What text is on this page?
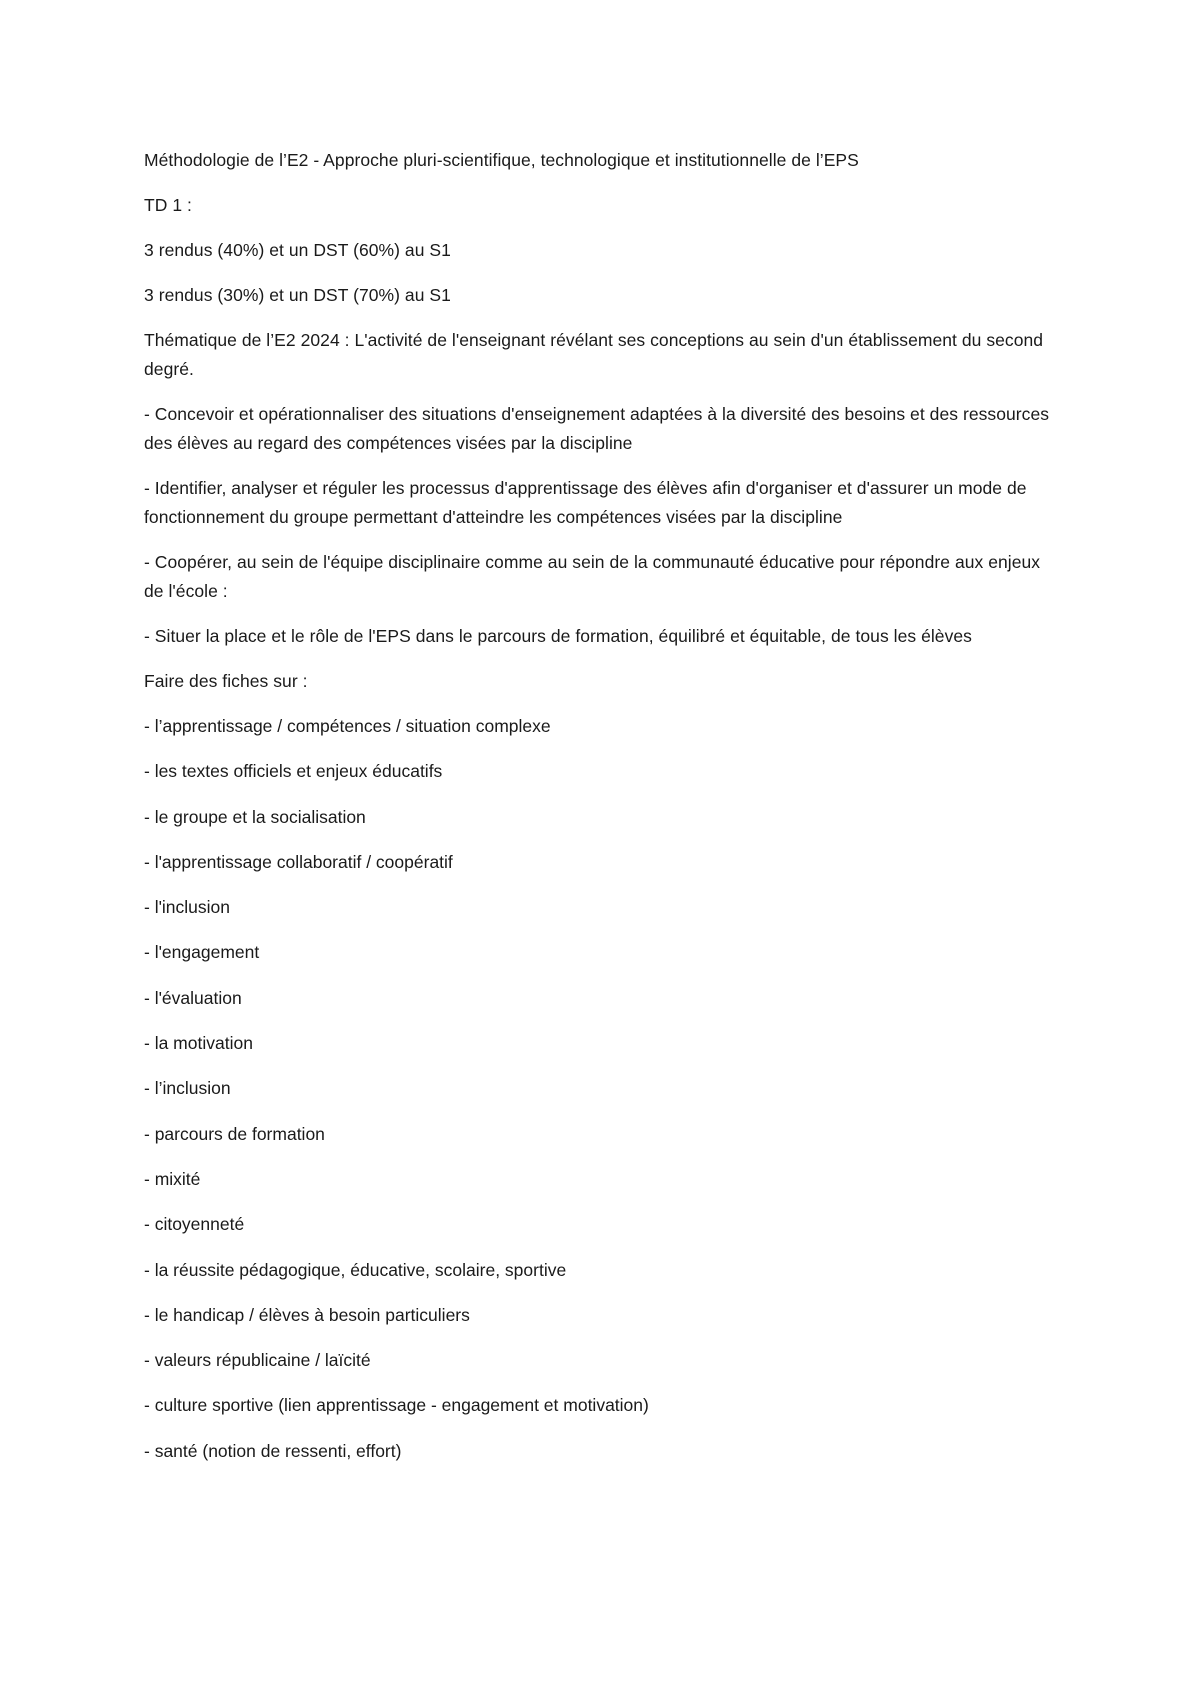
Méthodologie de l’E2 - Approche pluri-scientifique, technologique et institutionnelle de l’EPS

TD 1 :

3 rendus (40%) et un DST (60%) au S1

3 rendus (30%) et un DST (70%) au S1

Thématique de l’E2 2024 : L'activité de l'enseignant révélant ses conceptions au sein d'un établissement du second degré.

- Concevoir et opérationnaliser des situations d'enseignement adaptées à la diversité des besoins et des ressources des élèves au regard des compétences visées par la discipline

- Identifier, analyser et réguler les processus d'apprentissage des élèves afin d'organiser et d'assurer un mode de fonctionnement du groupe permettant d'atteindre les compétences visées par la discipline

- Coopérer, au sein de l'équipe disciplinaire comme au sein de la communauté éducative pour répondre aux enjeux de l'école :

- Situer la place et le rôle de l'EPS dans le parcours de formation, équilibré et équitable, de tous les élèves

Faire des fiches sur :

- l’apprentissage / compétences / situation complexe

- les textes officiels et enjeux éducatifs

- le groupe et la socialisation

- l'apprentissage collaboratif / coopératif

- l'inclusion

- l'engagement

- l'évaluation

- la motivation

- l’inclusion

- parcours de formation

- mixité

- citoyenneté

- la réussite pédagogique, éducative, scolaire, sportive

- le handicap / élèves à besoin particuliers

- valeurs républicaine / laïcité

- culture sportive (lien apprentissage - engagement et motivation)

- santé (notion de ressenti, effort)
